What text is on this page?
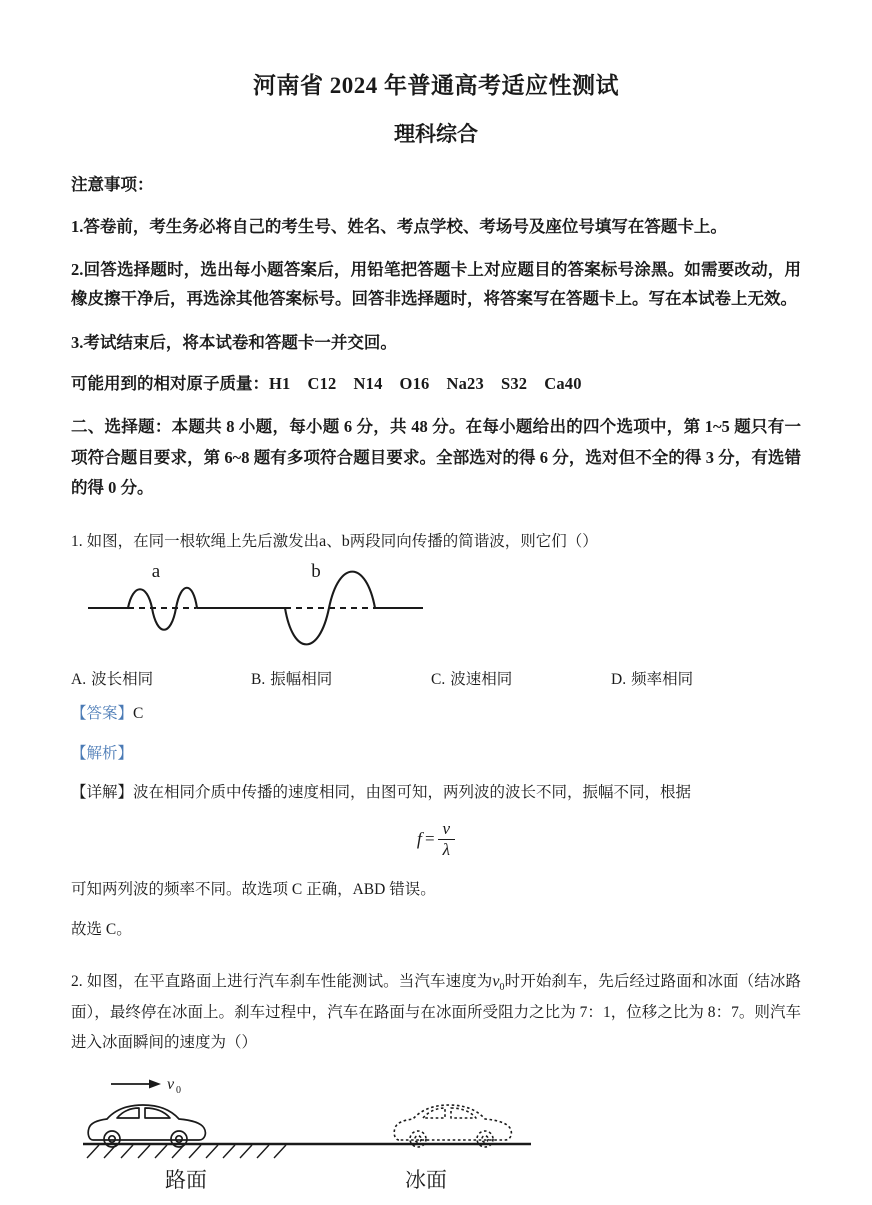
河南省 2024 年普通高考适应性测试
理科综合
注意事项：
1.答卷前，考生务必将自己的考生号、姓名、考点学校、考场号及座位号填写在答题卡上。
2.回答选择题时，选出每小题答案后，用铅笔把答题卡上对应题目的答案标号涂黑。如需要改动，用橡皮擦干净后，再选涂其他答案标号。回答非选择题时，将答案写在答题卡上。写在本试卷上无效。
3.考试结束后，将本试卷和答题卡一并交回。
可能用到的相对原子质量：H1 C12 N14 O16 Na23 S32 Ca40
二、选择题：本题共 8 小题，每小题 6 分，共 48 分。在每小题给出的四个选项中，第 1~5 题只有一项符合题目要求，第 6~8 题有多项符合题目要求。全部选对的得 6 分，选对但不全的得 3 分，有选错的得 0 分。
1. 如图，在同一根软绳上先后激发出a、b两段同向传播的简谐波，则它们（）
a	b
A. 波长相同	B. 振幅相同	C. 波速相同	D. 频率相同
【答案】C
【解析】
【详解】波在相同介质中传播的速度相同，由图可知，两列波的波长不同，振幅不同，根据
$f = \frac{v}{\lambda}$
可知两列波的频率不同。故选项 C 正确，ABD 错误。
故选 C。
2. 如图，在平直路面上进行汽车刹车性能测试。当汽车速度为$v_0$时开始刹车，先后经过路面和冰面（结冰路面），最终停在冰面上。刹车过程中，汽车在路面与在冰面所受阻力之比为 7：1，位移之比为 8：7。则汽车进入冰面瞬间的速度为（）
v 0
路面	冰面
